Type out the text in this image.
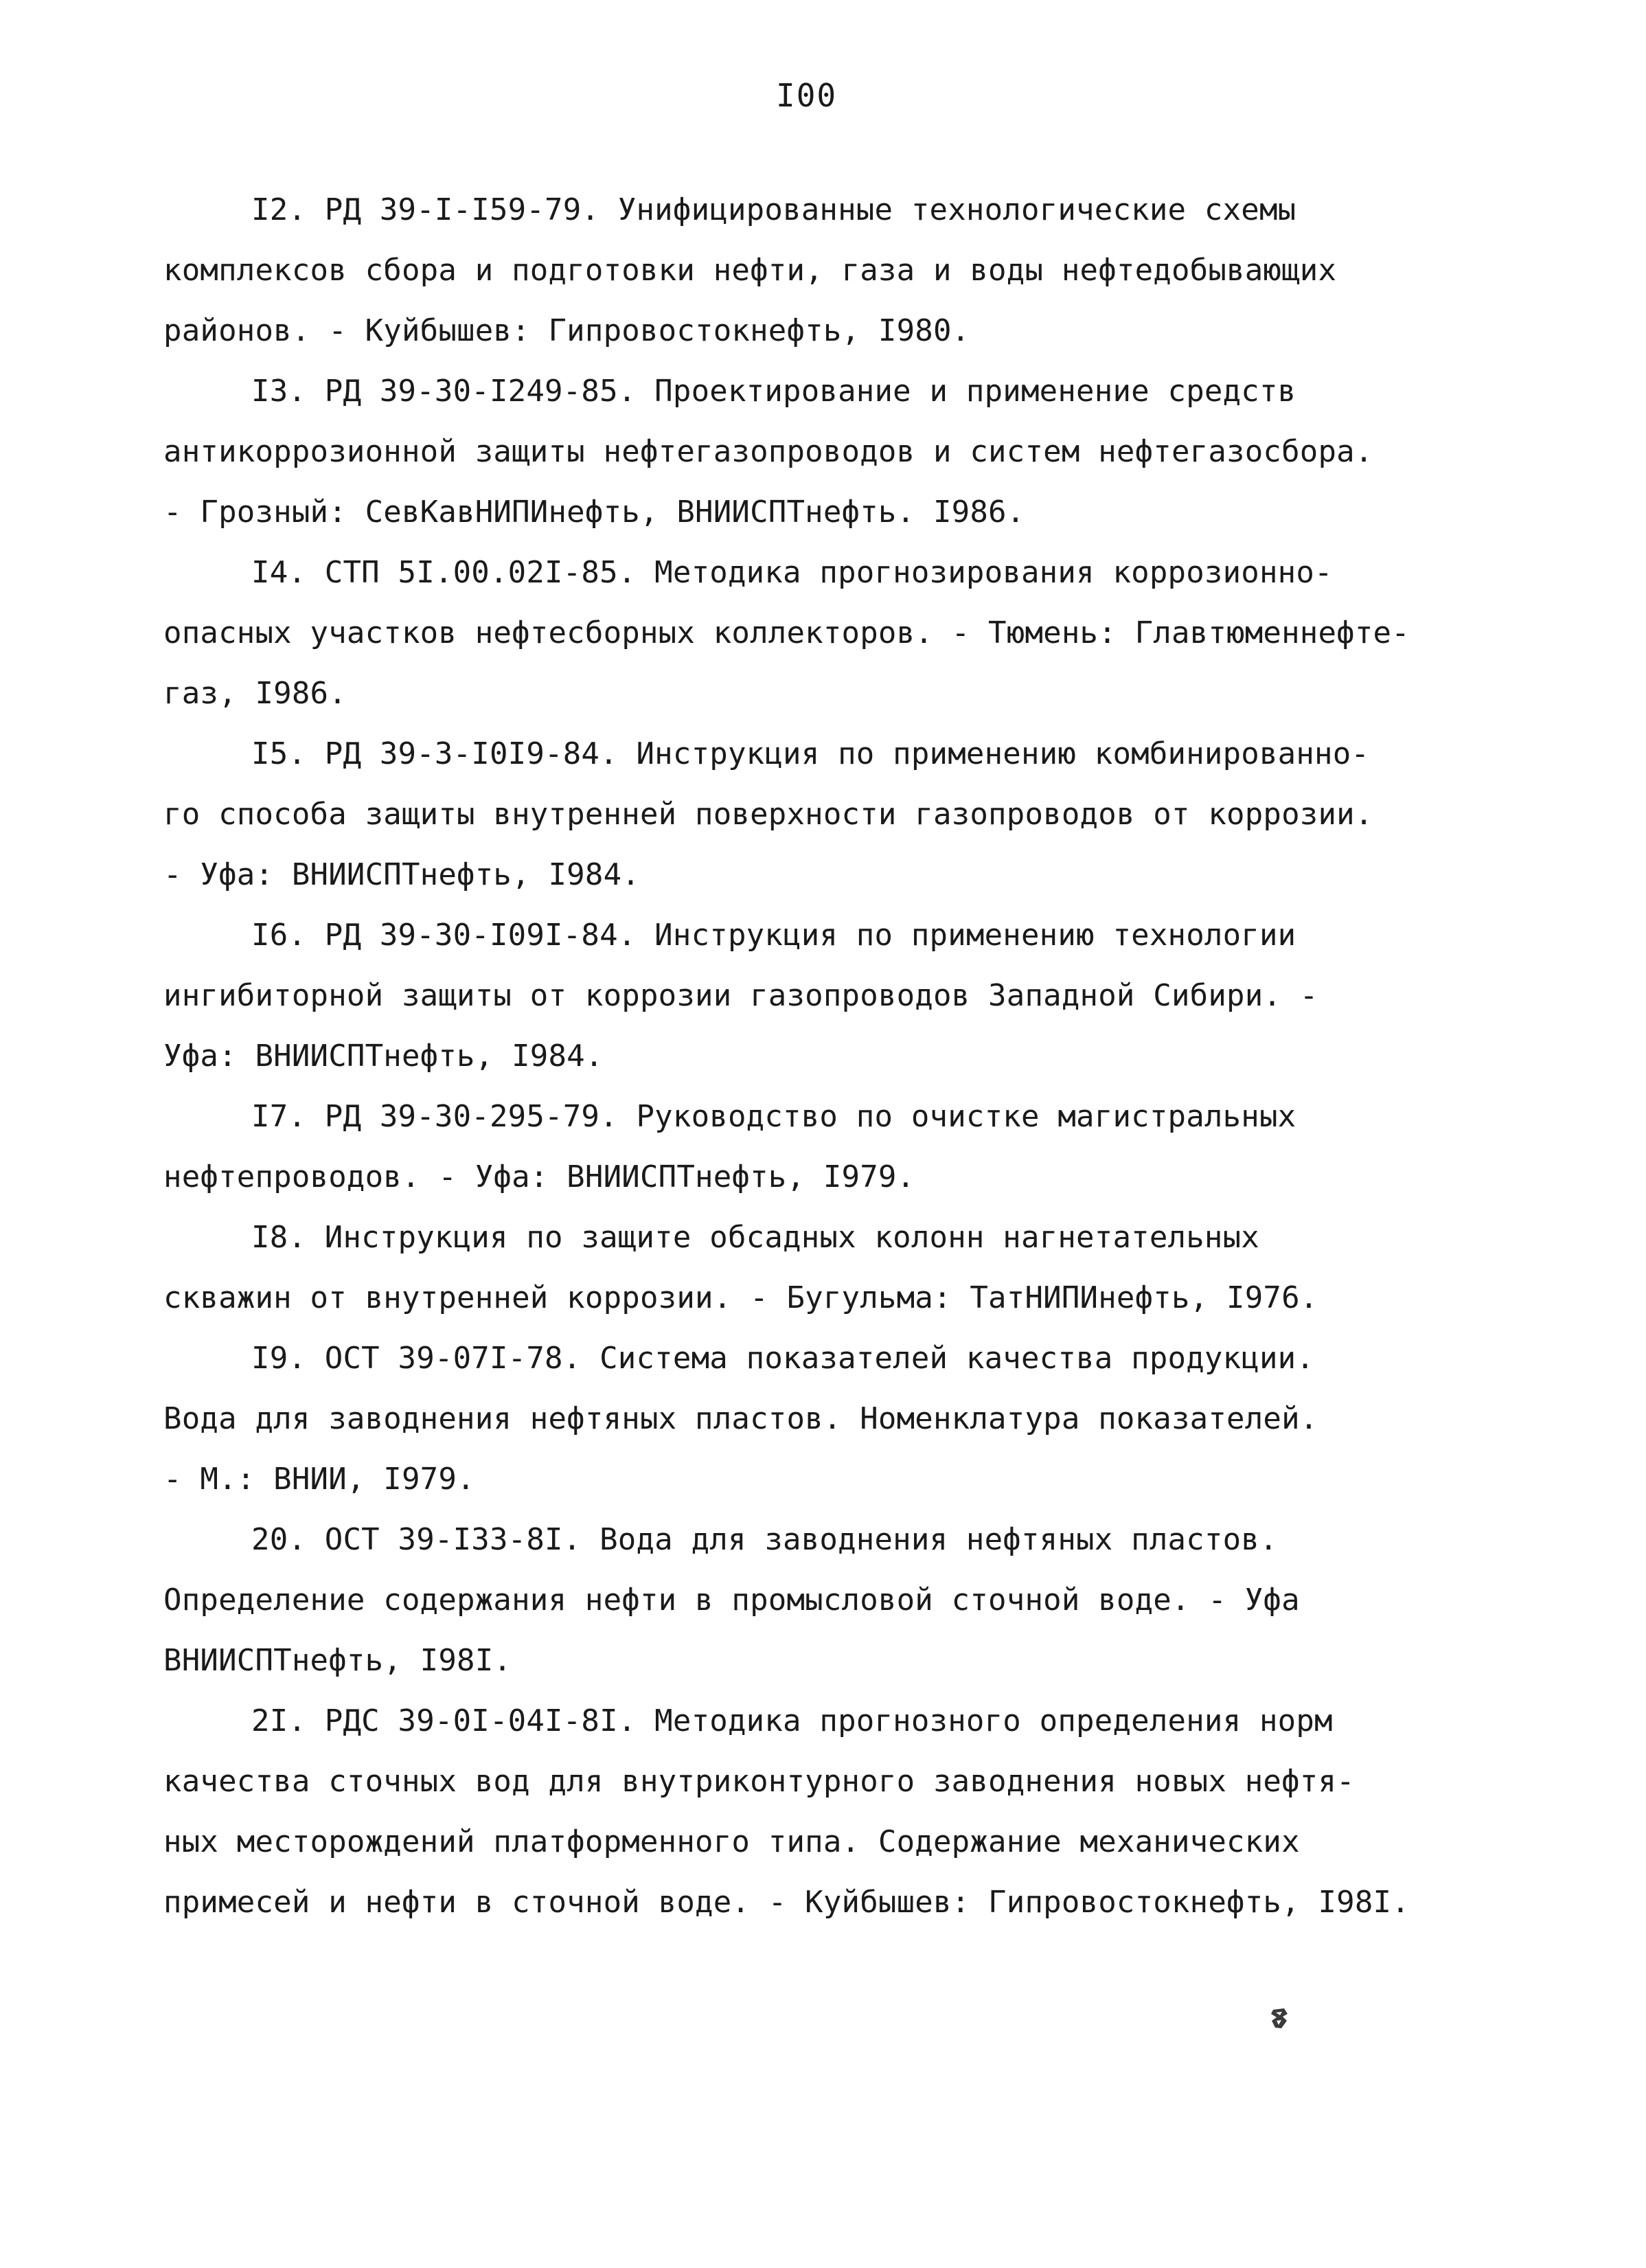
I00
I2. РД 39-I-I59-79. Унифицированные технологические схемы
комплексов сбора и подготовки нефти, газа и воды нефтедобывающих
районов. - Куйбышев: Гипровостокнефть, I980.
I3. РД 39-30-I249-85. Проектирование и применение средств
антикоррозионной защиты нефтегазопроводов и систем нефтегазосбора.
- Грозный: СевКавНИПИнефть, ВНИИСПТнефть. I986.
I4. СТП 5I.00.02I-85. Методика прогнозирования коррозионно-
опасных участков нефтесборных коллекторов. - Тюмень: Главтюменнефте-
газ, I986.
I5. РД 39-3-I0I9-84. Инструкция по применению комбинированно-
го способа защиты внутренней поверхности газопроводов от коррозии.
- Уфа: ВНИИСПТнефть, I984.
I6. РД 39-30-I09I-84. Инструкция по применению технологии
ингибиторной защиты от коррозии газопроводов Западной Сибири. -
Уфа: ВНИИСПТнефть, I984.
I7. РД 39-30-295-79. Руководство по очистке магистральных
нефтепроводов. - Уфа: ВНИИСПТнефть, I979.
I8. Инструкция по защите обсадных колонн нагнетательных
скважин от внутренней коррозии. - Бугульма: ТатНИПИнефть, I976.
I9. ОСТ 39-07I-78. Система показателей качества продукции.
Вода для заводнения нефтяных пластов. Номенклатура показателей.
- М.: ВНИИ, I979.
20. ОСТ 39-I33-8I. Вода для заводнения нефтяных пластов.
Определение содержания нефти в промысловой сточной воде. - Уфа
ВНИИСПТнефть, I98I.
2I. РДС 39-0I-04I-8I. Методика прогнозного определения норм
качества сточных вод для внутриконтурного заводнения новых нефтя-
ных месторождений платформенного типа. Содержание механических
примесей и нефти в сточной воде. - Куйбышев: Гипровостокнефть, I98I.
